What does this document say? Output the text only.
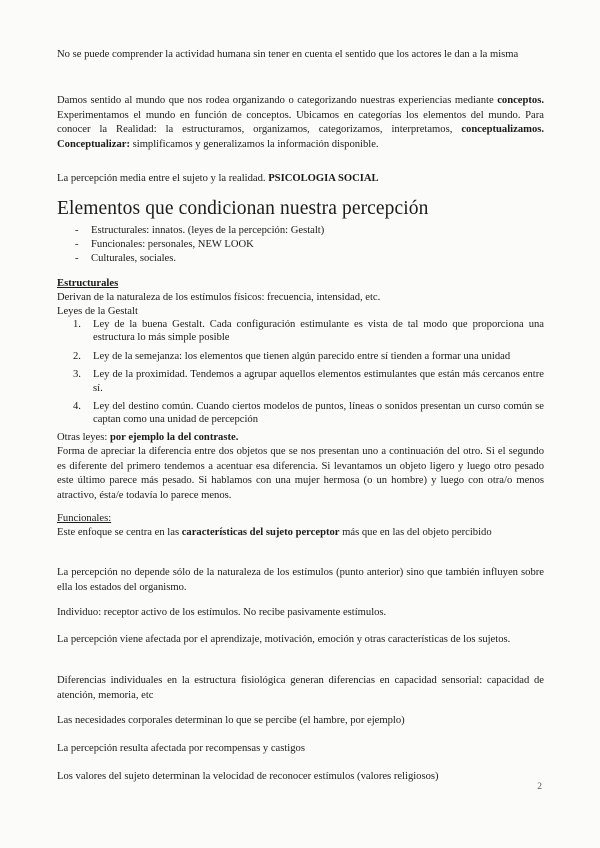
No se puede comprender la actividad humana sin tener en cuenta el sentido que los actores le dan a la misma

Damos sentido al mundo que nos rodea organizando o categorizando nuestras experiencias mediante conceptos. Experimentamos el mundo en función de conceptos. Ubicamos en categorías los elementos del mundo. Para conocer la Realidad: la estructuramos, organizamos, categorizamos, interpretamos, conceptualizamos. Conceptualizar: simplificamos y generalizamos la información disponible.

La percepción media entre el sujeto y la realidad. PSICOLOGIA SOCIAL

Elementos que condicionan nuestra percepción
- Estructurales: innatos. (leyes de la percepción: Gestalt)
- Funcionales: personales, NEW LOOK
- Culturales, sociales.

Estructurales

Derivan de la naturaleza de los estímulos físicos: frecuencia, intensidad, etc.

Leyes de la Gestalt

1. Ley de la buena Gestalt. Cada configuración estimulante es vista de tal modo que proporciona una estructura lo más simple posible
2. Ley de la semejanza: los elementos que tienen algún parecido entre sí tienden a formar una unidad
3. Ley de la proximidad. Tendemos a agrupar aquellos elementos estimulantes que están más cercanos entre sí.
4. Ley del destino común. Cuando ciertos modelos de puntos, líneas o sonidos presentan un curso común se captan como una unidad de percepción

Otras leyes: por ejemplo la del contraste.

Forma de apreciar la diferencia entre dos objetos que se nos presentan uno a continuación del otro. Si el segundo es diferente del primero tendemos a acentuar esa diferencia. Si levantamos un objeto ligero y luego otro pesado este último parece más pesado. Si hablamos con una mujer hermosa (o un hombre) y luego con otra/o menos atractivo, ésta/e todavía lo parece menos.

Funcionales:

Este enfoque se centra en las características del sujeto perceptor más que en las del objeto percibido

La percepción no depende sólo de la naturaleza de los estímulos (punto anterior) sino que también influyen sobre ella los estados del organismo.

Individuo: receptor activo de los estímulos. No recibe pasivamente estímulos.

La percepción viene afectada por el aprendizaje, motivación, emoción y otras características de los sujetos.

Diferencias individuales en la estructura fisiológica generan diferencias en capacidad sensorial: capacidad de atención, memoria, etc

Las necesidades corporales determinan lo que se percibe (el hambre, por ejemplo)

La percepción resulta afectada por recompensas y castigos

Los valores del sujeto determinan la velocidad de reconocer estímulos (valores religiosos)

2
